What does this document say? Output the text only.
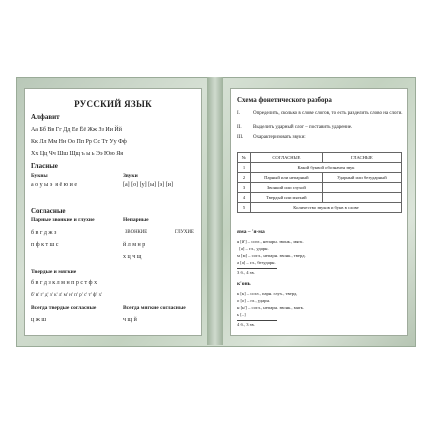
РУССКИЙ ЯЗЫК
Алфавит
Аа Бб Вв Гг Дд Ее Ёё Жж Зз Ии Йй
Кк Лл Мм Нн Оо Пп Рр Сс Тт Уу Фф
Хх Цц Чч Шш Щщ ъ ы ь Ээ Юю Яя
Гласные
Буквы	Звуки
а о у ы э  я ё ю и е	[а] [о] [у] [ы] [э] [и]
Согласные
Парные звонкие и глухие	Непарные
ЗВОНКИЕ	ГЛУХИЕ
б в г д ж з
п ф к т ш с	й л м н р
х ц ч щ
Твердые и мягкие
б в г д з к л м н п р с т ф х
б' в' г' д' з' к' л' м' н' п' р' с' т' ф' х'
Всегда твердые согласные	Всегда мягкие согласные
ц ж ш	ч щ й
Схема фонетического разбора
I.	Определить, сколько в слове слогов, то есть разделить слово на слоги.
II. Выделить ударный слог – поставить ударение.
III. Охарактеризовать звуки:
№	СОГЛАСНЫЕ	ГЛАСНЫЕ
1	Какой буквой обозначен звук	
2	Парный или непарный	Ударный или безударный
3	Звонкий или глухой	
4	Твердый или мягкий	
5	Количество звуков и букв в слове	
ямa – 'я-ма
я [й'] – согл., непарн. звонк., мягк.
[а] – гл., ударн.
м [м] – согл., непарн. звонк., тверд.
а [а] – гл., безударн.
3 б., 4 зв.
к'онь
к [к] – согл., парн. глух., тверд.
о [о] – гл., ударн.
н [н'] – согл., непарн. звонк., мягк.
ь [–]
4 б., 3 зв.
